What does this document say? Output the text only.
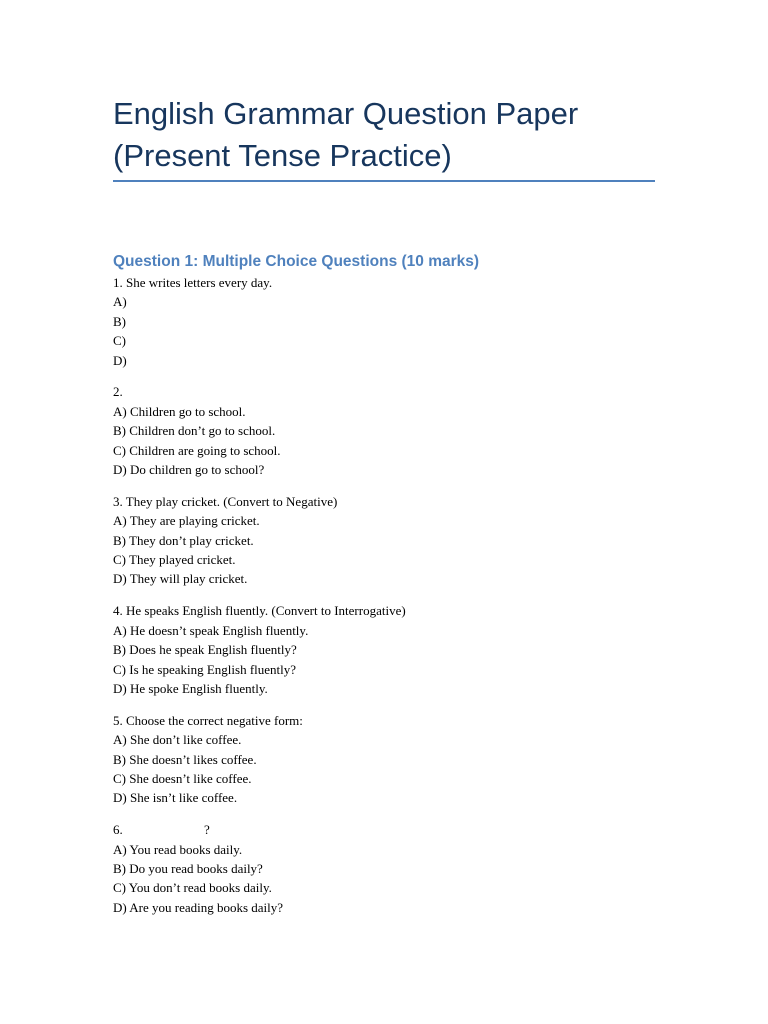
English Grammar Question Paper
(Present Tense Practice)
Question 1: Multiple Choice Questions (10 marks)
1. She writes letters every day.
A)
B)
C)
D)
2.
A) Children go to school.
B) Children don’t go to school.
C) Children are going to school.
D) Do children go to school?
3. They play cricket. (Convert to Negative)
A) They are playing cricket.
B) They don’t play cricket.
C) They played cricket.
D) They will play cricket.
4. He speaks English fluently. (Convert to Interrogative)
A) He doesn’t speak English fluently.
B) Does he speak English fluently?
C) Is he speaking English fluently?
D) He spoke English fluently.
5. Choose the correct negative form:
A) She don’t like coffee.
B) She doesn’t likes coffee.
C) She doesn’t like coffee.
D) She isn’t like coffee.
6.                         ?
A) You read books daily.
B) Do you read books daily?
C) You don’t read books daily.
D) Are you reading books daily?
